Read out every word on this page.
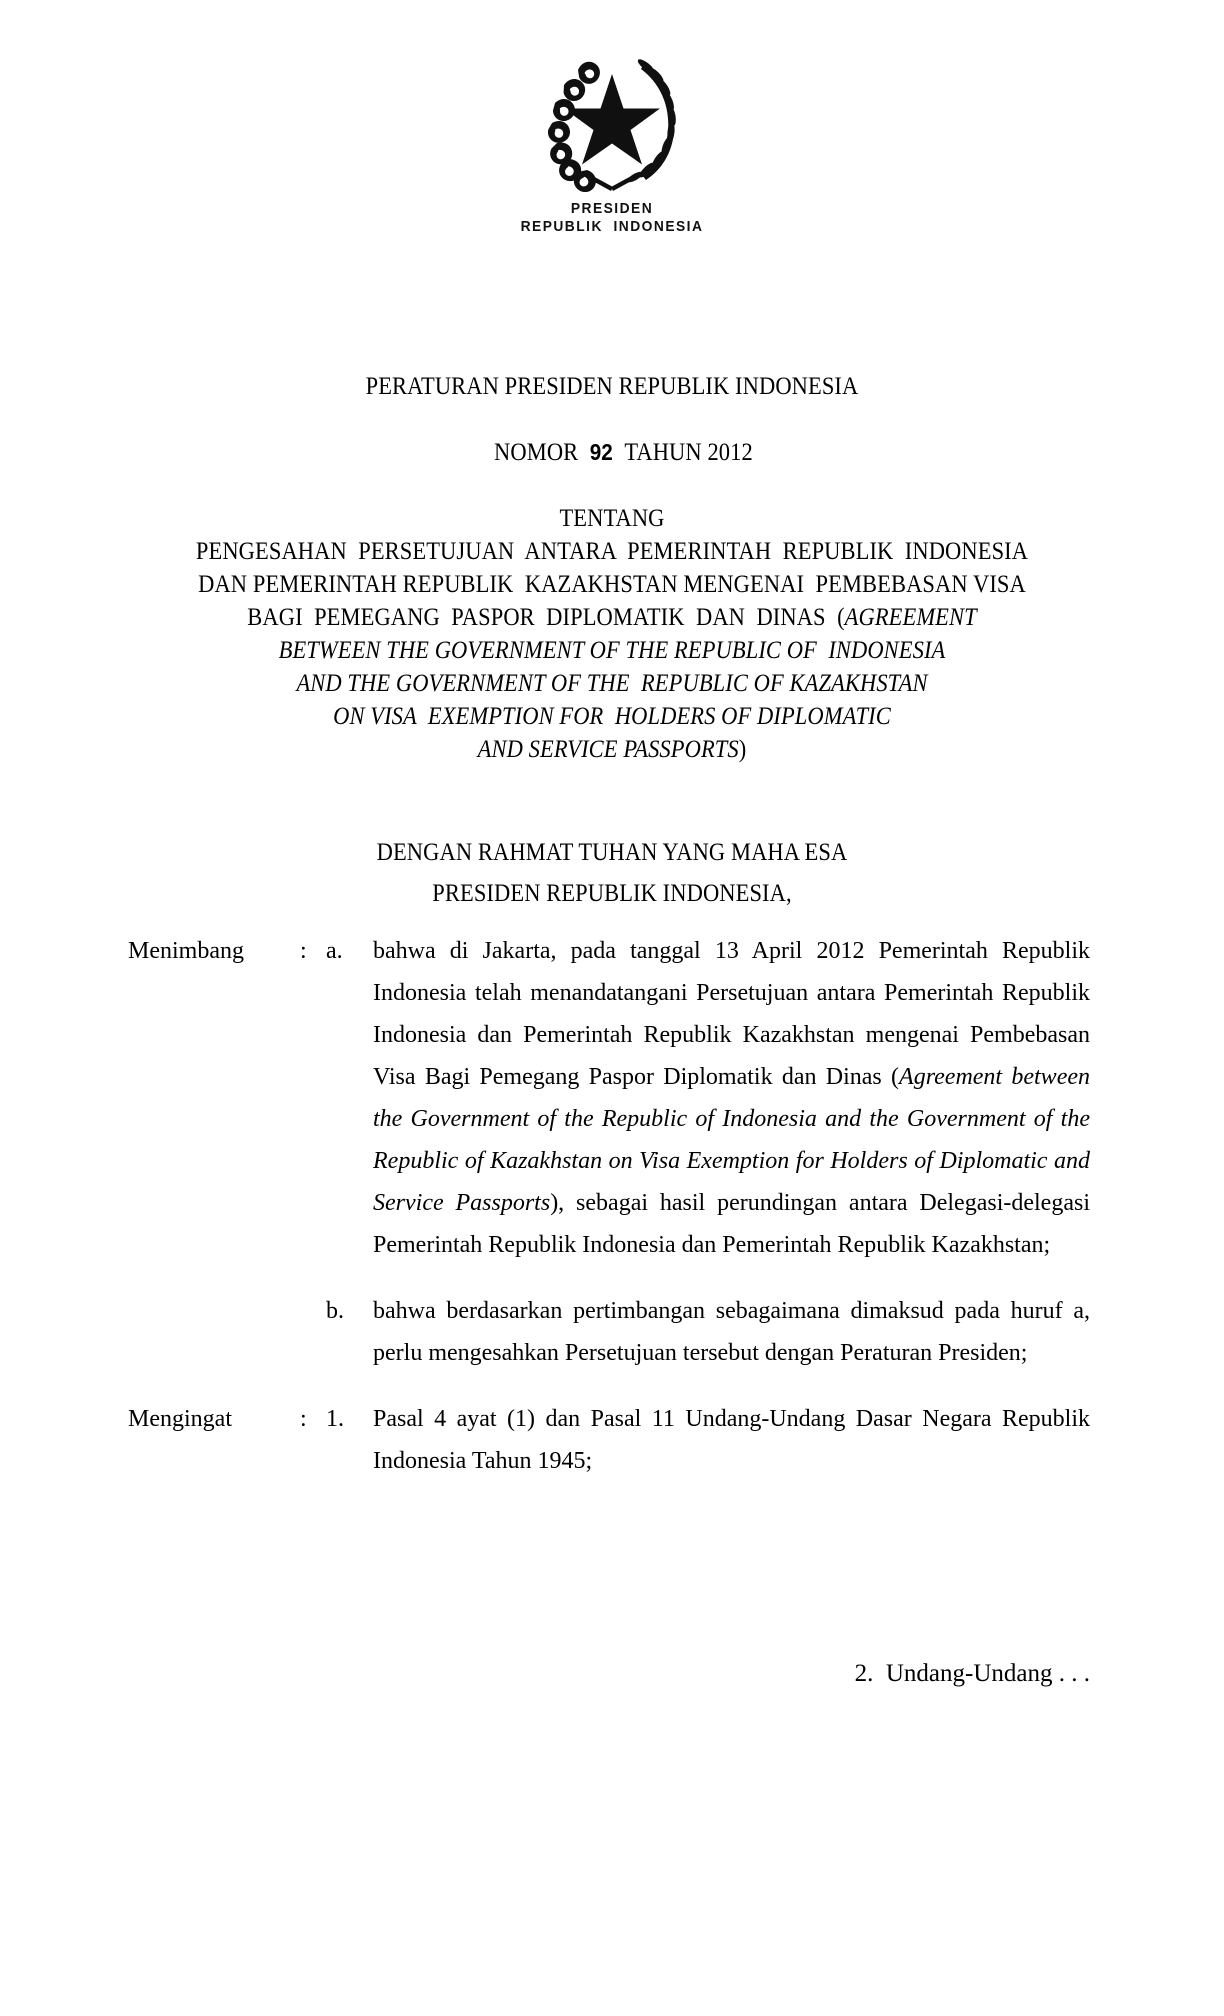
PRESIDEN
REPUBLIK  INDONESIA
PERATURAN PRESIDEN REPUBLIK INDONESIA

NOMOR 92 TAHUN 2012

TENTANG
PENGESAHAN  PERSETUJUAN  ANTARA  PEMERINTAH  REPUBLIK  INDONESIA
DAN PEMERINTAH REPUBLIK  KAZAKHSTAN MENGENAI  PEMBEBASAN VISA
BAGI  PEMEGANG  PASPOR  DIPLOMATIK  DAN  DINAS  (AGREEMENT
BETWEEN THE GOVERNMENT OF THE REPUBLIC OF  INDONESIA
AND THE GOVERNMENT OF THE  REPUBLIC OF KAZAKHSTAN
ON VISA  EXEMPTION FOR  HOLDERS OF DIPLOMATIC
AND SERVICE PASSPORTS)
DENGAN RAHMAT TUHAN YANG MAHA ESA
PRESIDEN REPUBLIK INDONESIA,
Menimbang	: a. bahwa di Jakarta, pada tanggal 13 April 2012 Pemerintah Republik Indonesia telah menandatangani Persetujuan antara Pemerintah Republik Indonesia dan Pemerintah Republik Kazakhstan mengenai Pembebasan Visa Bagi Pemegang Paspor Diplomatik dan Dinas (Agreement between the Government of the Republic of Indonesia and the Government of the Republic of Kazakhstan on Visa Exemption for Holders of Diplomatic and Service Passports), sebagai hasil perundingan antara Delegasi-delegasi Pemerintah Republik Indonesia dan Pemerintah Republik Kazakhstan;
b. bahwa berdasarkan pertimbangan sebagaimana dimaksud pada huruf a, perlu mengesahkan Persetujuan tersebut dengan Peraturan Presiden;
Mengingat	: 1. Pasal 4 ayat (1) dan Pasal 11 Undang-Undang Dasar Negara Republik Indonesia Tahun 1945;
2.  Undang-Undang . . .
